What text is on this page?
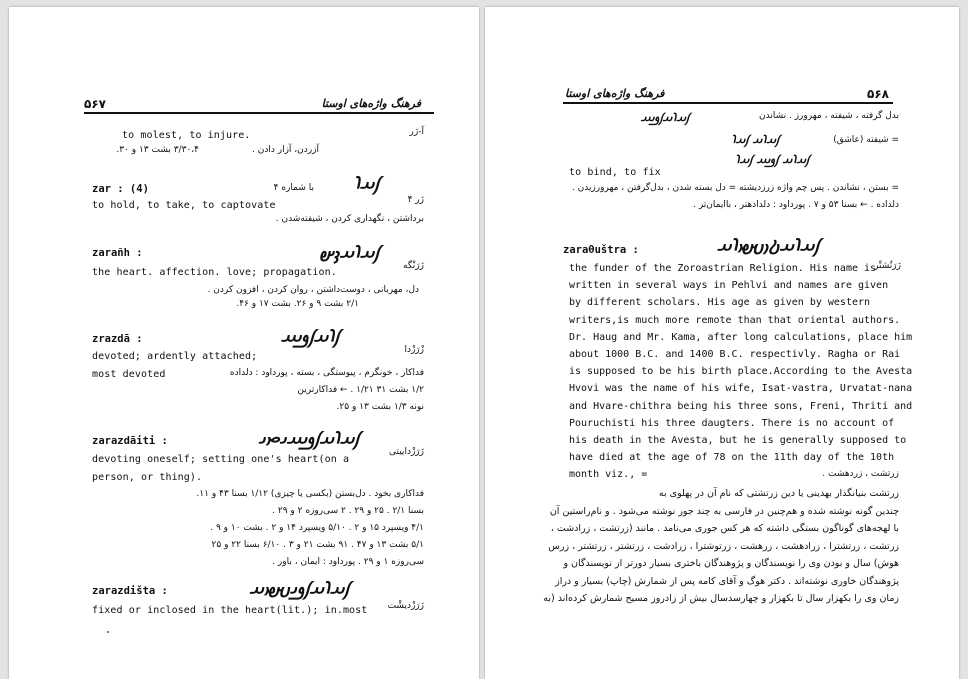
۵۶۷	فرهنگ واژه‌های اوستا
آ-زَر
to molest, to injure.
آزردن، آزار دادن .
۳/۳۰،۴ بشت ۱۳ و ۳۰.
zar : (4)	با شماره ۴ 𐬰𐬀𐬭
زَر ۴
to hold, to take, to captovate
برداشتن ، نگهداری کردن ، شیفته‌شدن .
zarañh :	𐬰𐬀𐬭𐬀𐬢𐬵
زَرَنْگه
the heart. affection. love; propagation.
دل، مهربانی ، دوست‌داشتن ، روان کردن ، افزون کردن .
۲/۱ بشت ۹ و ۲۶. بشت ۱۷ و ۴۶.
zrazdā :	𐬰𐬭𐬀𐬰𐬛𐬁
زْرَزْدا
devoted; ardently attached;
most devoted	فداکار ، خونگرم ، پیوستگی ، بسته ، پورداود : دلداده
۱/۲ بشت ۳۱ ۱/۲۱ . ← فداکارترین
نونه ۱/۳ بشت ۱۳ و ۲۵.
zarazdāiti :	𐬰𐬀𐬭𐬀𐬰𐬛𐬁𐬌𐬙𐬌
زَرَزْداییتی
devoting oneself; setting one's heart(on a
person, or thing).
فداکاری بخود . دل‌بستن (بکسی یا چیزی) ۱/۱۲ بسنا ۴۳ و ۱۱.
بسنا ۲/۱ . ۲۵ و ۲۹ . ۲ سی‌روزه ۲ و ۲۹ .
۴/۱ ویسپرد ۱۵ و ۲ . ۵/۱۰ ویسپرد ۱۴ و ۲ . بشت ۱۰ و ۹ .
۵/۱ بشت ۱۳ و ۴۷ . ۹۱ بشت ۲۱ و ۳ . ۶/۱۰ بسنا ۲۲ و ۲۵
سی‌روزه ۱ و ۲۹ . پورداود : ایمان ، باور .
zarazdišta :	𐬰𐬀𐬭𐬀𐬰𐬛𐬌𐬱𐬙𐬀
زَرَزْدیشْت
fixed or inclosed in the heart(lit.); in.most
فرهنگ واژه‌های اوستا	۵۶۸
بدل گرفته ، شیفته ، مهرورز . نشاندن
𐬰𐬀𐬭𐬀𐬰𐬛𐬁
= شیفته (عاشق)
𐬰𐬀𐬭𐬀 𐬰𐬀𐬭
𐬰𐬀𐬭𐬀 𐬰𐬛𐬁 𐬰𐬀𐬭
to bind, to fix
= بستن ، نشاندن . پس چم واژه زرزدیشته = دل بسته شدن ، بدل‌گرفتن ، مهرورزیدن .
دلداده . ← بسنا ۵۳ و ۷ . پورداود : دلدادهتر ، باایمان‌تر .
zaraθuštra :	𐬰𐬀𐬭𐬀𐬚𐬎𐬱𐬙𐬭𐬀
زَرَتُشتْر
the funder of the Zoroastrian Religion. His name is
written in several ways in Pehlvi and names are given
by different scholars. His age as given by western
writers,is much more remote than that oriental authors.
Dr. Haug and Mr. Kama, after long calculations, place him
about 1000 B.C. and 1400 B.C. respectivly. Ragha or Rai
is supposed to be his birth place.According to the Avesta
Hvovi was the name of his wife, Isat-vastra, Urvatat-nana
and Hvare-chithra being his three sons, Freni, Thriti and
Pouruchisti his three daugters. There is no account of
his death in the Avesta, but he is generally supposed to
have died at the age of 78 on the 11th day of the 10th
month viz., =	زرتشت ، زردهشت .
زرتشت بنیانگذار بهدینی یا دین زرتشتی که نام آن در پهلوی به
چندین گونه نوشته شده و هم‌چنین در فارسی به چند جور نوشته می‌شود . و نام‌راستین آن
با لهجه‌های گوناگون بستگی داشته که هر کس جوری می‌نامد . مانند (زرتشت ، زرادشت ،
زرتشت ، زرتشترا ، زرادهشت ، زرهشت ، زرتوشترا ، زرادشت ، زرتشتر ، زرتشتر ، زرس
هوش) سال و بودن وی را نویسندگان و پژوهندگان باختری بسیار دورتر از نویسندگان و
پژوهندگان خاوری نوشته‌اند . دکتر هوگ و آقای کامه پس از شمارش (چاپ) بسیار و دراز
زمان وی را بکهزار سال تا بکهزار و چهارسدسال بیش از زادروز مسیح شمارش کرده‌اند (به
